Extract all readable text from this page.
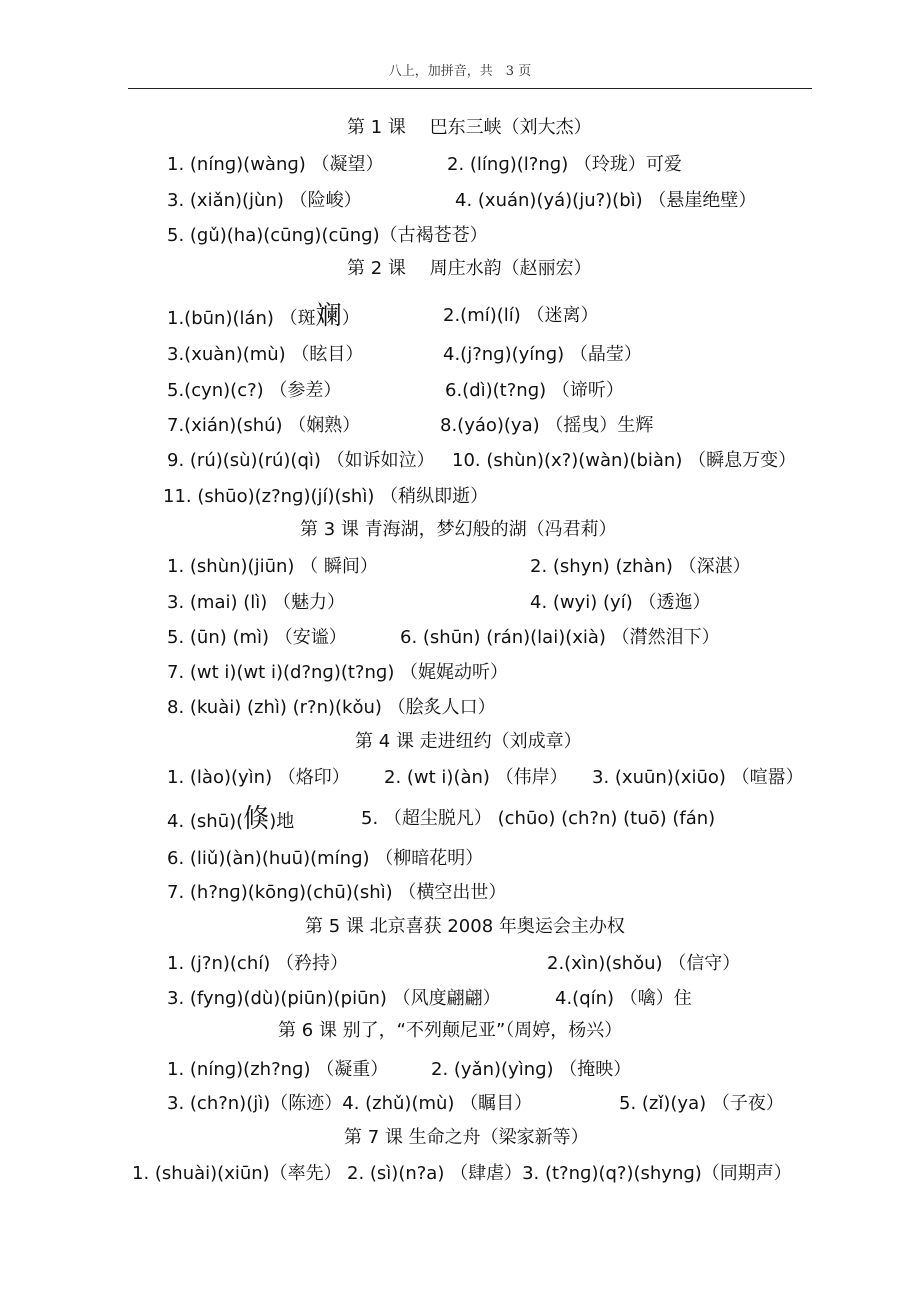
八上，加拼音，共　3 页
第 1 课　 巴东三峡（刘大杰）
1. (nínɡ)(wànɡ) （凝望）	2. (línɡ)(l?nɡ) （玲珑）可爱
3. (xiǎn)(jùn) （险峻）	4. (xuán)(yá)(ju?)(bì) （悬崖绝壁）
5. (gǔ)(ha)(cūnɡ)(cūnɡ)（古褐苍苍）
第 2 课　 周庄水韵（赵丽宏）
1.(būn)(lán) （斑斓）	2.(mí)(lí) （迷离）
3.(xuàn)(mù) （眩目）	4.(j?nɡ)(yínɡ) （晶莹）
5.(cyn)(c?) （参差）	6.(dì)(t?nɡ) （谛听）
7.(xián)(shú) （娴熟）	8.(yáo)(ya) （摇曳）生辉
9. (rú)(sù)(rú)(qì) （如诉如泣） 10. (shùn)(x?)(wàn)(biàn) （瞬息万变）
11. (shūo)(z?nɡ)(jí)(shì) （稍纵即逝）
第 3 课 青海湖，梦幻般的湖（冯君莉）
1. (shùn)(jiūn) （ 瞬间）	2. (shyn) (zhàn) （深湛）
3. (mai) (lì) （魅力）	4. (wyi) (yí) （透迤）
5. (ūn) (mì) （安谧）	6. (shūn) (rán)(lai)(xià) （潸然泪下）
7. (wt i)(wt i)(d?nɡ)(t?nɡ) （娓娓动听）
8. (kuài) (zhì) (r?n)(kǒu) （脍炙人口）
第 4 课 走进纽约（刘成章）
1. (lào)(yìn) （烙印） 2. (wt i)(àn) （伟岸） 3. (xuūn)(xiūo) （喧嚣）
4. (shū)(倏)地	5. （超尘脱凡） (chūo) (ch?n) (tuō) (fán)
6. (liǔ)(àn)(huū)(mínɡ) （柳暗花明）
7. (h?nɡ)(kōnɡ)(chū)(shì) （横空出世）
第 5 课 北京喜获 2008 年奥运会主办权
1. (j?n)(chí) （矜持）	2.(xìn)(shǒu) （信守）
3. (fynɡ)(dù)(piūn)(piūn) （风度翩翩）	4.(qín) （噙）住
第 6 课 别了，“不列颠尼亚”（周婷，杨兴）
1. (nínɡ)(zh?nɡ) （凝重） 2. (yǎn)(yìnɡ) （掩映）
3. (ch?n)(jì)（陈迹）4. (zhǔ)(mù) （瞩目）	5. (zǐ)(ya) （子夜）
第 7 课 生命之舟（梁家新等）
1. (shuài)(xiūn)（率先） 2. (sì)(n?a) （肆虐）3. (t?nɡ)(q?)(shynɡ)（同期声）
